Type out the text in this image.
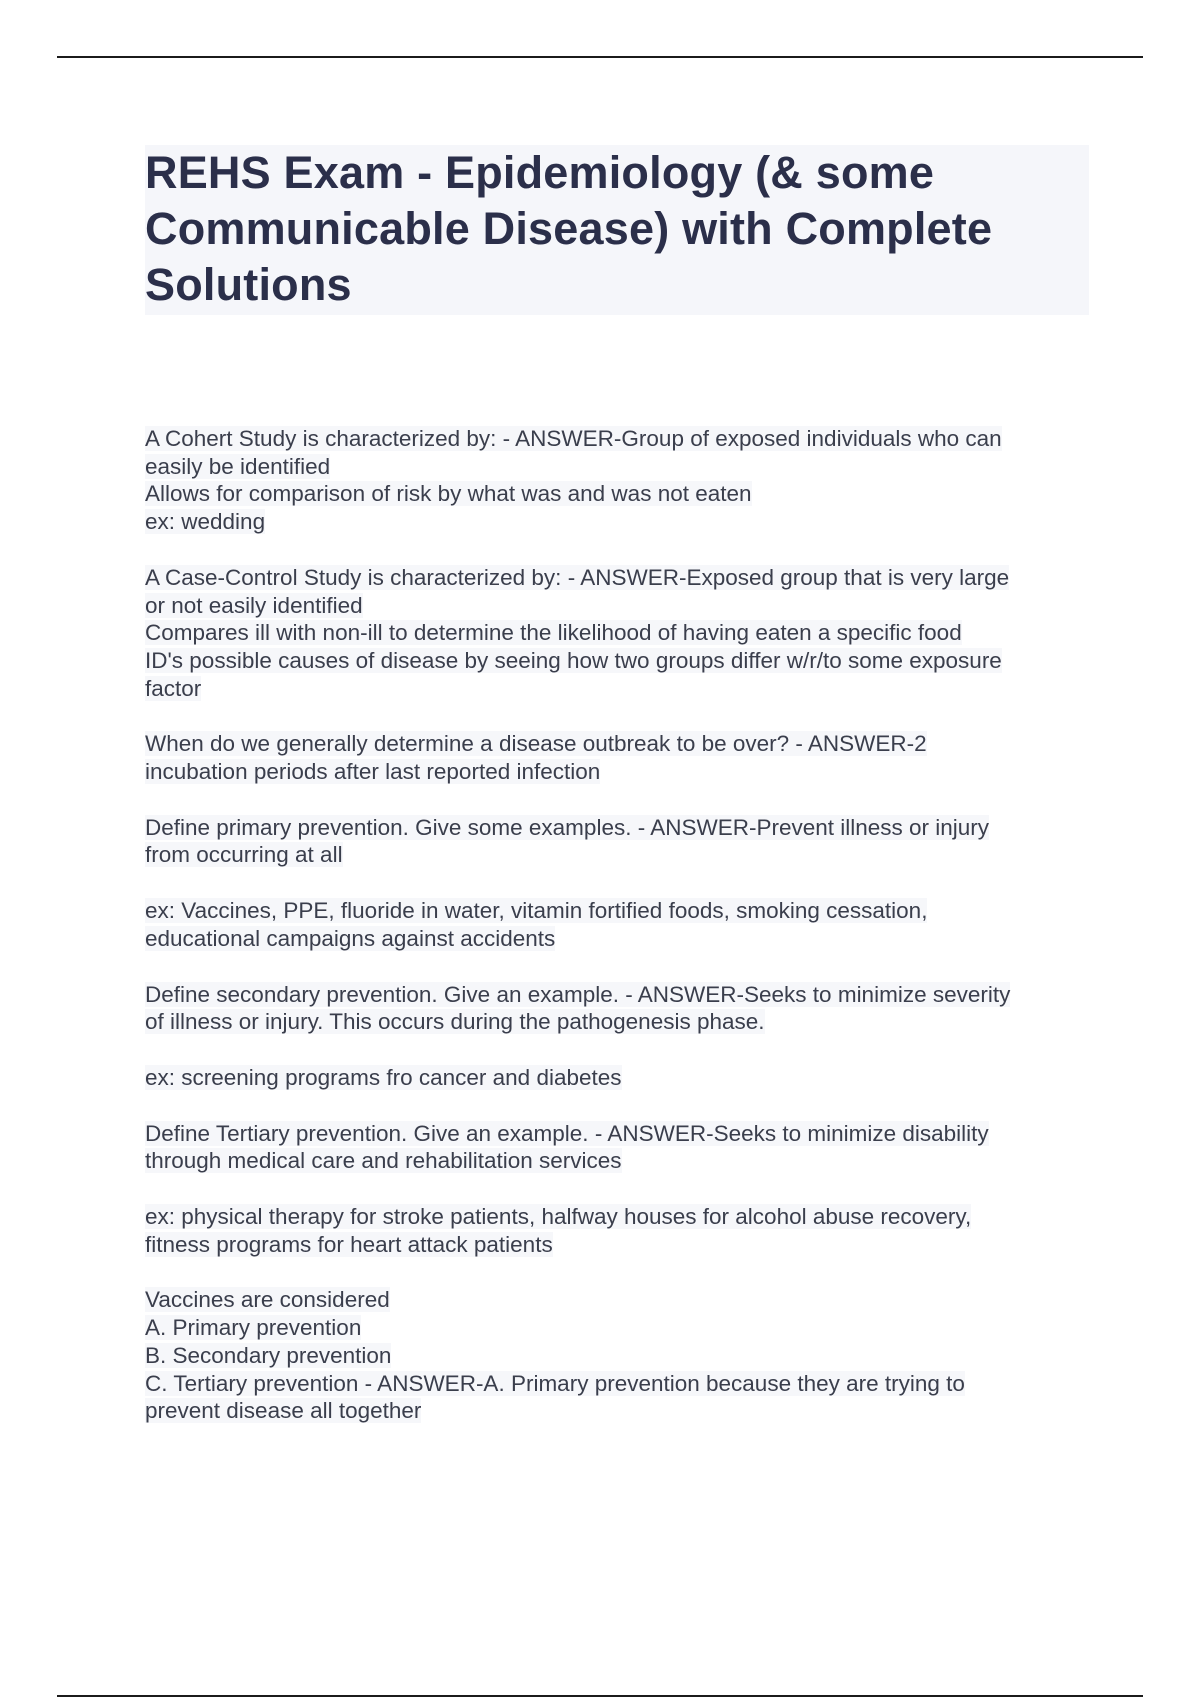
REHS Exam - Epidemiology (& some
Communicable Disease) with Complete
Solutions
A Cohert Study is characterized by: - ANSWER-Group of exposed individuals who can
easily be identified
Allows for comparison of risk by what was and was not eaten
ex: wedding
A Case-Control Study is characterized by: - ANSWER-Exposed group that is very large
or not easily identified
Compares ill with non-ill to determine the likelihood of having eaten a specific food
ID's possible causes of disease by seeing how two groups differ w/r/to some exposure
factor
When do we generally determine a disease outbreak to be over? - ANSWER-2
incubation periods after last reported infection
Define primary prevention. Give some examples. - ANSWER-Prevent illness or injury
from occurring at all
ex: Vaccines, PPE, fluoride in water, vitamin fortified foods, smoking cessation,
educational campaigns against accidents
Define secondary prevention. Give an example. - ANSWER-Seeks to minimize severity
of illness or injury. This occurs during the pathogenesis phase.
ex: screening programs fro cancer and diabetes
Define Tertiary prevention. Give an example. - ANSWER-Seeks to minimize disability
through medical care and rehabilitation services
ex: physical therapy for stroke patients, halfway houses for alcohol abuse recovery,
fitness programs for heart attack patients
Vaccines are considered
A. Primary prevention
B. Secondary prevention
C. Tertiary prevention - ANSWER-A. Primary prevention because they are trying to
prevent disease all together
